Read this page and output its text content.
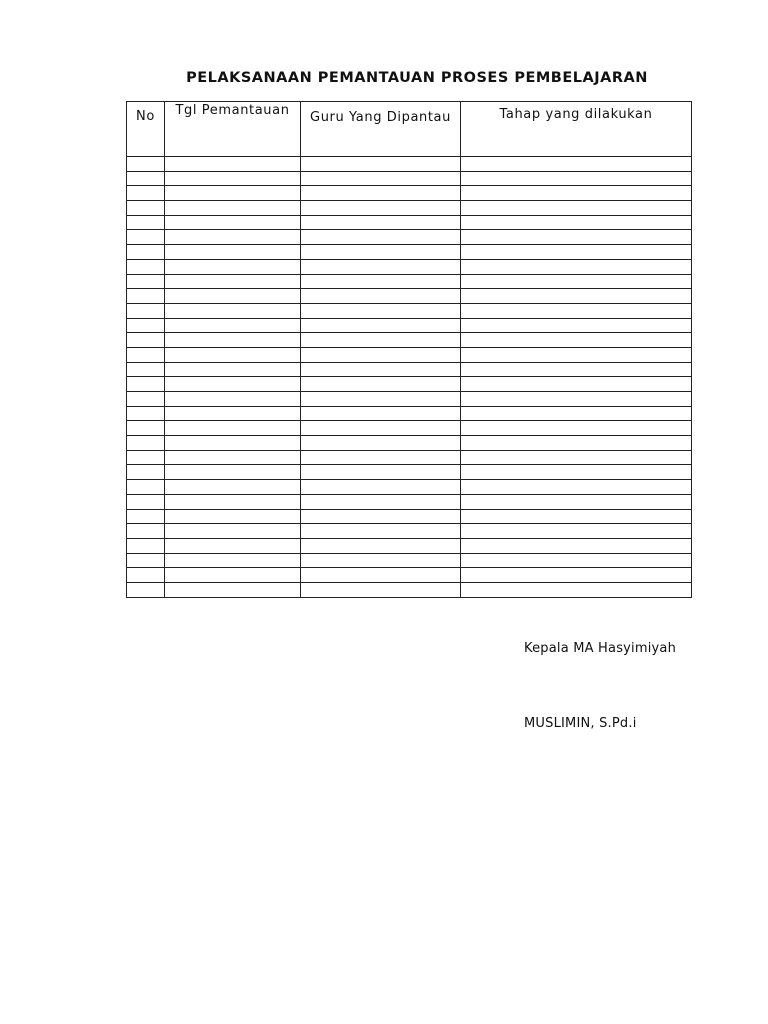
PELAKSANAAN PEMANTAUAN PROSES PEMBELAJARAN
No	Tgl Pemantauan	Guru Yang Dipantau	Tahap yang dilakukan

Kepala MA Hasyimiyah

MUSLIMIN, S.Pd.i
